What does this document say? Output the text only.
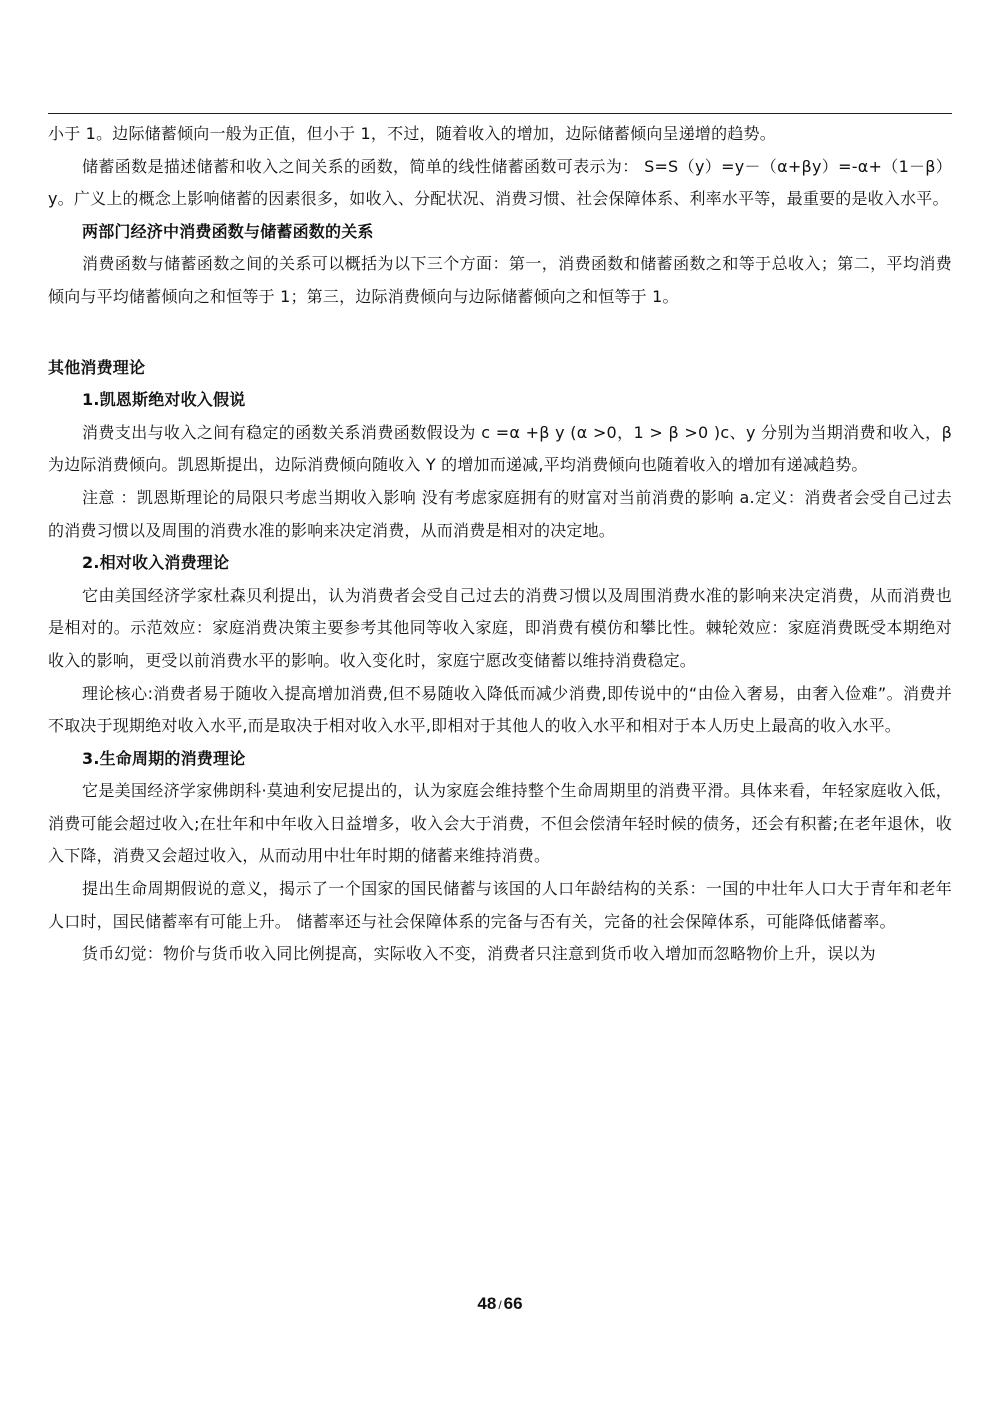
小于 1。边际储蓄倾向一般为正值，但小于 1，不过，随着收入的增加，边际储蓄倾向呈递增的趋势。

储蓄函数是描述储蓄和收入之间关系的函数，简单的线性储蓄函数可表示为： S=S（y）=y－（α+βy）=-α+（1－β）y。广义上的概念上影响储蓄的因素很多，如收入、分配状况、消费习惯、社会保障体系、利率水平等，最重要的是收入水平。

两部门经济中消费函数与储蓄函数的关系

消费函数与储蓄函数之间的关系可以概括为以下三个方面：第一，消费函数和储蓄函数之和等于总收入；第二，平均消费倾向与平均储蓄倾向之和恒等于 1；第三，边际消费倾向与边际储蓄倾向之和恒等于 1。

其他消费理论

1.凯恩斯绝对收入假说

消费支出与收入之间有稳定的函数关系消费函数假设为 c =α +β y (α >0，1 > β >0 )c、y 分别为当期消费和收入，β为边际消费倾向。凯恩斯提出，边际消费倾向随收入 Y 的增加而递减,平均消费倾向也随着收入的增加有递减趋势。

注意 ：凯恩斯理论的局限只考虑当期收入影响 没有考虑家庭拥有的财富对当前消费的影响 a.定义：消费者会受自己过去的消费习惯以及周围的消费水准的影响来决定消费，从而消费是相对的决定地。

2.相对收入消费理论

它由美国经济学家杜森贝利提出，认为消费者会受自己过去的消费习惯以及周围消费水准的影响来决定消费，从而消费也是相对的。示范效应：家庭消费决策主要参考其他同等收入家庭，即消费有模仿和攀比性。棘轮效应：家庭消费既受本期绝对收入的影响，更受以前消费水平的影响。收入变化时，家庭宁愿改变储蓄以维持消费稳定。

理论核心:消费者易于随收入提高增加消费,但不易随收入降低而减少消费,即传说中的“由俭入奢易，由奢入俭难”。消费并不取决于现期绝对收入水平,而是取决于相对收入水平,即相对于其他人的收入水平和相对于本人历史上最高的收入水平。

3.生命周期的消费理论

它是美国经济学家佛朗科·莫迪利安尼提出的，认为家庭会维持整个生命周期里的消费平滑。具体来看，年轻家庭收入低，消费可能会超过收入;在壮年和中年收入日益增多，收入会大于消费，不但会偿清年轻时候的债务，还会有积蓄;在老年退休，收入下降，消费又会超过收入，从而动用中壮年时期的储蓄来维持消费。

提出生命周期假说的意义，揭示了一个国家的国民储蓄与该国的人口年龄结构的关系：一国的中壮年人口大于青年和老年人口时，国民储蓄率有可能上升。 储蓄率还与社会保障体系的完备与否有关，完备的社会保障体系，可能降低储蓄率。

货币幻觉：物价与货币收入同比例提高，实际收入不变，消费者只注意到货币收入增加而忽略物价上升，误以为

48 / 66
